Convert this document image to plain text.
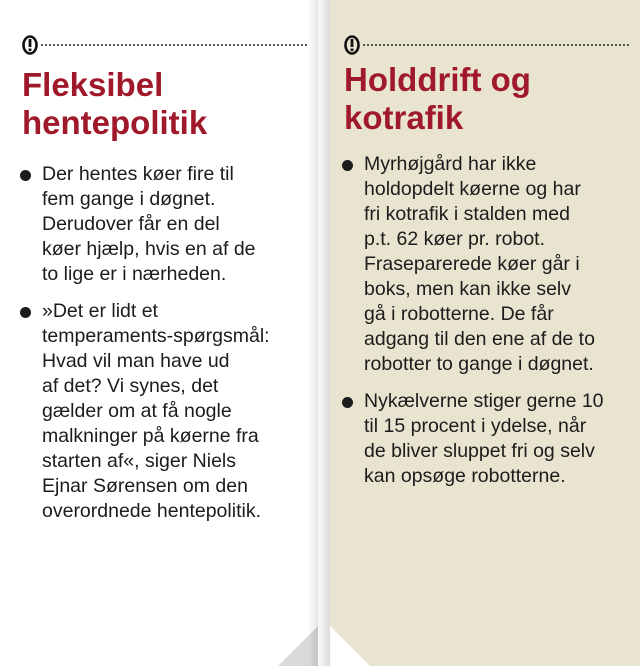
Fleksibel
hentepolitik
Der hentes køer fire til
fem gange i døgnet.
Derudover får en del
køer hjælp, hvis en af de
to lige er i nærheden.
»Det er lidt et
temperaments-spørgsmål:
Hvad vil man have ud
af det? Vi synes, det
gælder om at få nogle
malkninger på køerne fra
starten af«, siger Niels
Ejnar Sørensen om den
overordnede hentepolitik.
Holddrift og
kotrafik
Myrhøjgård har ikke
holdopdelt køerne og har
fri kotrafik i stalden med
p.t. 62 køer pr. robot.
Fraseparerede køer går i
boks, men kan ikke selv
gå i robotterne. De får
adgang til den ene af de to
robotter to gange i døgnet.
Nykælverne stiger gerne 10
til 15 procent i ydelse, når
de bliver sluppet fri og selv
kan opsøge robotterne.
